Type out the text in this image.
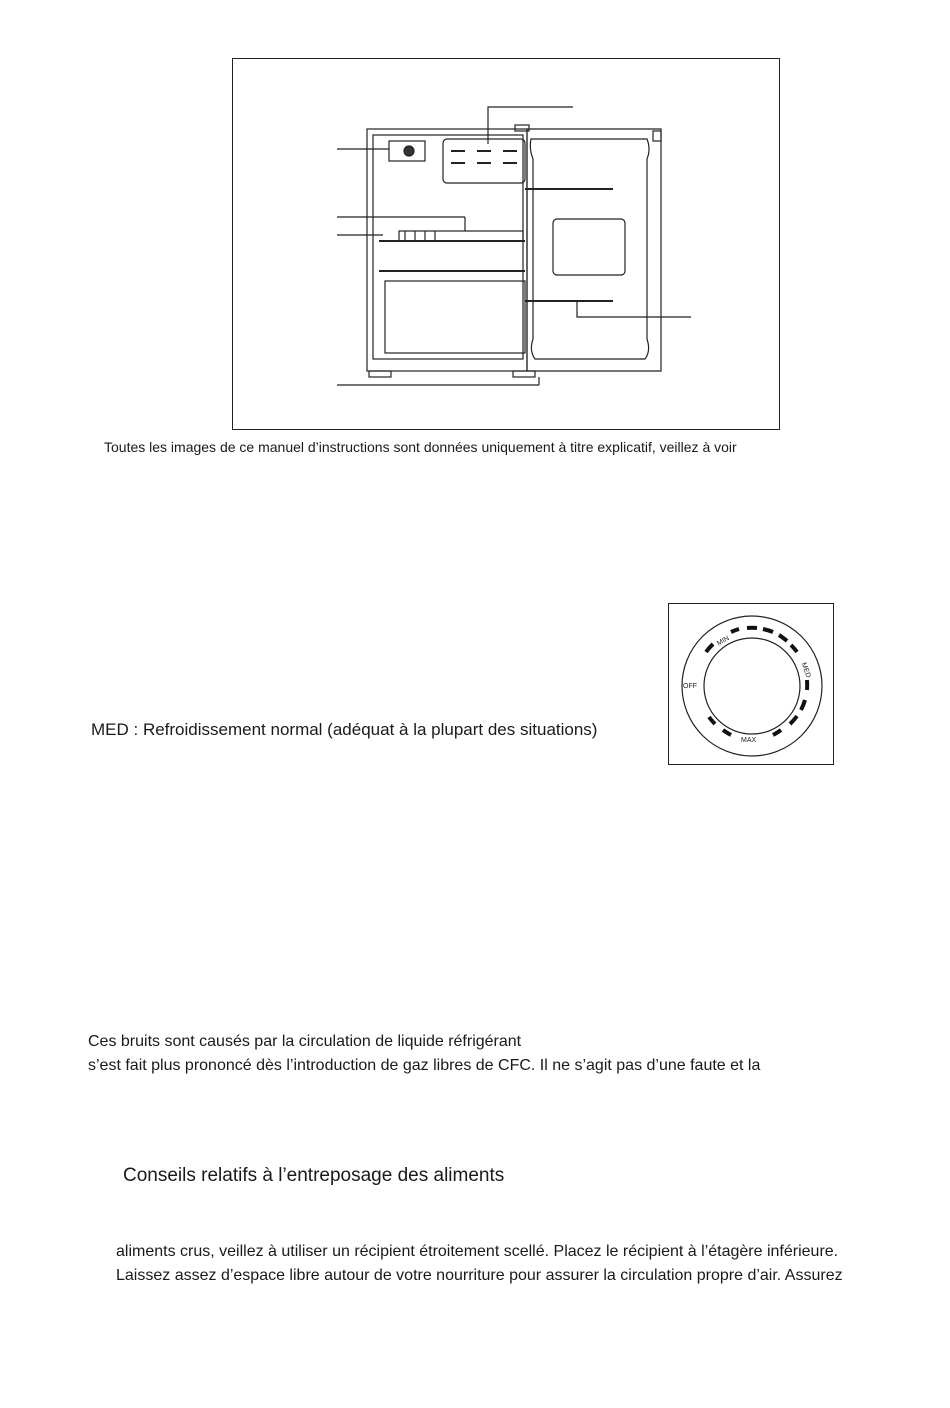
Toutes les images de ce manuel d’instructions sont données uniquement à titre explicatif, veillez à voir
OFF
MIN
MED
MAX
MED : Refroidissement normal (adéquat à la plupart des situations)
Ces bruits sont causés par la circulation de liquide réfrigérant
s’est fait plus prononcé dès l’introduction de gaz libres de CFC. Il ne s’agit pas d’une faute et la
Conseils relatifs à l’entreposage des aliments
aliments crus, veillez à utiliser un récipient étroitement scellé. Placez le récipient à l’étagère inférieure.
Laissez assez d’espace libre autour de votre nourriture pour assurer la circulation propre d’air. Assurez
